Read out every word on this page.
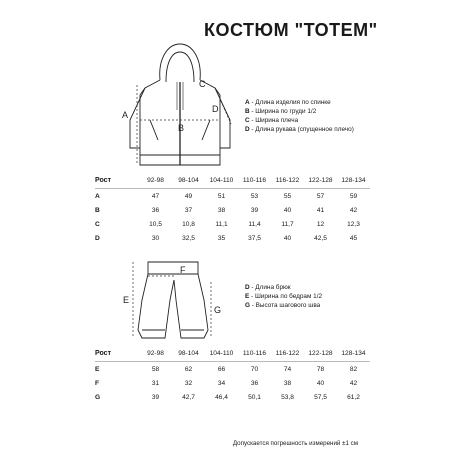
КОСТЮМ "ТОТЕМ"
A
B
C
D
A - Длина изделия по спинке
B - Ширина по груди 1/2
C - Ширина плеча
D - Длина рукава (спущенное плечо)
Рост	92-98	98-104	104-110	110-116	116-122	122-128	128-134
A	47	49	51	53	55	57	59
B	36	37	38	39	40	41	42
C	10,5	10,8	11,1	11,4	11,7	12	12,3
D	30	32,5	35	37,5	40	42,5	45
E
F
G
D - Длина брюк
E - Ширина по бедрам 1/2
G - Высота шагового шва
Рост	92-98	98-104	104-110	110-116	116-122	122-128	128-134
E	58	62	66	70	74	78	82
F	31	32	34	36	38	40	42
G	39	42,7	46,4	50,1	53,8	57,5	61,2
Допускается погрешность измерений ±1 см
